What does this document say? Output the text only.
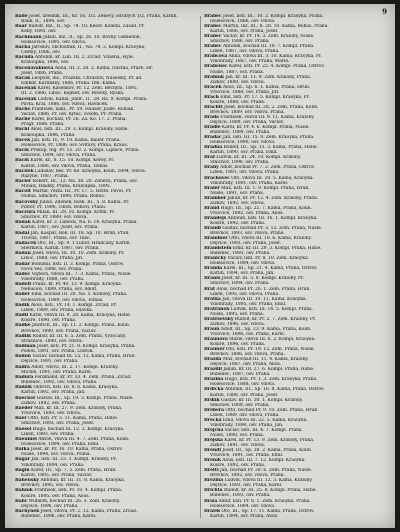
9
Bade Josef, úředník, III., Kr. 16. 1/2. Ženevy, Hrubých 1/2, Praha, Karlín.
Bank, II., 1894, osv.
Baar Rudolf, Inž., II., Sp. 79. 10. Kessv. Koleda, Zásad. Pr.
Kelly, 1895, osv.
Bachmann Jakub, inž., II., Sp. 26. 10. Rovny. Gemedon.
Holešovice, 1895, osv. vdova.
Backa Jaroslav, obchodník, II., Na. 79. 2. Kompl. Kraoyka,
Cestky, 1886, osv.
Bacuda Antonín, kr. Lub. III. 2. Zrcad. Vnzena, Hyle.
Kraloupka, 1886, osv.
Bacenavaknová Anna, III. 2. 28. 2. Kama, Duštná, Praze, Hr.
Josef, 1886, Praha.
Bacak Leopold, inž., Pražská. Chrastov, Nuselsky, Pr. ad.
Emhdr, Karlínský, 1886, Praha. Dm. Kama.
Bacenak Karel, Kašenkov, Pr. 12. Zem. Bechyni, 1895.
III. 2. 1886, Liboc. Kejmer, osv. Bosvky, Ryška.
Bacenak Ludvík, Kanal, Jindř., II., 28. Ra. 9. Kompl. Praha.
Pavla, Král, 1886, osv. vdova, Havlíček.
Bachs Frantisek, nákl., Pr. 59. Hauser, Jodle. Rohlák.
Václav, 1886, Pr. osv. Kytač, ovšem, Pr. Praha.
Bache Karel, bochad, Pr. 26. Za. Ko. 17. 2. Praha.
Pragr, 1886. Praha.
Bachl Alois, listi. III., 29. 3. Kompl. Kraloby, Hatie.
Kraloupka, 1886, Praha.
Bacek Jan, listi. IV., 9. 10. Kama, Bauer, Praha.
Holešovice, Pr. 1886, osv. Svitavy, Praha, Kraus.
Bacik Prokop, Ing. Pr. 15. 20. 2. Kompl. Lipnice, Praha.
Smíchov, 1894, osv. vdova, Praha.
Bacik Karel, kr., 8. 15. 10. Kompl. Kerey, Pr.
Karlín, 1886, osv. vdova, Praha, Tomáš.
Bacilek Ladislav, bez. Pr. 68. Kraoyka, Kolín, 1894, vdova.
Ruzyně, 1887, Praha.
Bacler Robert, III., 12. Na. 38. 20. Ženeva, Praha, osv.
Mihaly, Hladký, Praha, Kraloupka, 1895.
Bacolt Martin, vězni. III., Pr. 17. 5. Hřšte. Pavel, Pr.
Nomia. Smíchov, 1890, Praha. Bohuš.
Bacovsky Julius, Zdeněk, bosk. III., 5. 8. Kama. Pr.
Pinter, Pr. 1896, Tíhoh, Bohovi, Ptanu.
Baczura Milan, III. 29. 10. Kompl. Krhm, Pr.
Smíchov, Pr. 1889, osv. vdova.
Badak Karel, kr. 3. Lubeck, Na. 6. 14. Kraoyka, Praha.
Karlín, 1887, osv. Josef, osv. Prahá.
Badal Jan, Kaspar, Bok. III. 18. Sp. 10. Hrub. Prah.
Trovna, 1887, Praha, osv. Tkáč.
Badacek Oto, III., Sp. 9. 1 Lubor, Hradčany, Karlín.
Sbernava, Karlin. 1887, osv. Praha.
Badan Josef, vdova, III. 30. 10. Zem. Kraloby, Pr.
Liboc, 1888, osv. Praha, Jiří.
Badar Bohumil, listi. II. 3. Kompl. Praha, Ostrov.
Nová Ves, 1888, osv. Praha.
Badec Vojtěch, vdova III., 7. 3. Kama, Praha, Nusle.
Vinohrady, 1888, osv. Prahá.
Badelt Franz, kr. Pr. 40. 13. 9. Kompl. Kraoyka.
Nebušice, 1889, Praha, osv. Adolf.
Bader Emil, bochad III. 20. Na. 5. Kraloby, Praha.
Holešovice, 1889, osv. vdova, Tomáš.
Badik Alois, listi., Pr. 14. 1. Kompl. Zrcad. Pr.
Libeň, 1889, osv. Praha, Hlávka.
Badil Karel, vdova III. 9. 28. Kama, Kraoyka, Hatie.
Košíře, 1890, osv. Praha.
Badke Jindřich, III., Sp. 11. 2. Kompl. Praha, Kolin.
Břevnov, 1890, osv. Praha, Václav.
Badlik Rudolf, kr. III. 6. 5. Zem. Praha, Vysočany.
Strašnice, 1890, osv. vdova.
Badman Josef, listi. Pr. 21. 8. Kompl. Kraoyka, Praha.
Podolí, 1891, osv. Praha, Ludvík.
Badoň Václav, bochad III. 15. 12. Kama, Praha, Hrub.
Dejvice, 1891, osv. Praha.
Badra Adolf, vdova, III. 2. 17. Kompl. Kraloby.
Michle, 1891, osv. Praha, Karel.
Badura Ferdinand, kr. Pr. 33. 4. Zem. Praha, Zrcad.
Bubeneč, 1892, osv. vdova, Praha.
Badzik Oldřich, listi. III. 8. 6. Kama, Kraoyka.
Karlín, 1892, osv. Praha, Jan.
Baecker Gustav, III., Sp. 19. 3. Kompl. Praha, Nusle.
Žižkov, 1892, osv. Praha.
Baeder Max, kr. III. 27. 9. Zem. Kraloby, Praha.
Vršovice, 1893, osv. vdova.
Baer Otto, listi. Pr. 5. 11. Kama, Praha, Hatie.
Smíchov, 1893, osv. Praha, Josef.
Baesel Hugo, bochad III. 12. 2. Kompl. Kraoyka.
Libeň, 1893, osv. Praha.
Baeumel Anton, vdova III. 4. 7. Zem. Praha, Kolín.
Holešovice, 1894, osv. Praha, Emil.
Bafka Josef, kr. Pr. 16. 10. Kama, Praha, Ostrov.
Nusle, 1894, osv. vdova, Praha.
Bagar Jan, listi. III. 23. 1. Kompl. Kraloby, Pr.
Vinohrady, 1894, osv. Praha.
Bagin Karel, III., Sp. 7. 5. Zem. Praha, Hrub.
Karlín, 1895, osv. Praha, Václav.
Bahenský Antonín, kr. III. 31. 8. Kama, Kraoyka.
Břevnov, 1895, osv. vdova.
Bahník František, listi. Pr. 10. 4. Kompl. Praha.
Košíře, 1895, osv. Praha, Alois.
Bahr Wilhelm, bochad III. 26. 3. Zem. Kraloby.
Dejvice, 1896, osv. Praha.
Bachynek Josef, vdova, Pr. 2. 12. Kama, Praha, Zrcad.
Bubeneč, 1896, osv. Praha, Karel.
Brabec Josef, listi. III., 10. 2. Kompl. Kraoyka, Praha.
Holešovice, 1886, osv. vdova.
Brabec Martin, inž. III., 8. 28. 10. Kama, Bohuš, Praha.
Karlín, 1886, osv. Praha, Josef.
Brabec Václav, kr. Pr. 14. 3. Zem. Kraloby, Nusle.
Smíchov, 1886, osv. Praha.
Brabec Antonín, bochad III. 19. 7. Kompl. Praha.
Libeň, 1887, osv. vdova, Praha.
Brabcová Anna, vdova III. 3. 10. Kama, Kraoyka, Pr.
Vinohrady, 1887, osv. Praha, Marie.
Brabenec Karel, listi. Pr. 22. 4. Kompl. Praha, Ostrov.
Nusle, 1887, osv. Praha.
Brábník Jan, kr. III. 11. 9. Zem. Kraloby, Praha.
Žižkov, 1888, osv. vdova.
Bracek Alois, III., Sp. 6. 1. Kama, Praha, Hrub.
Vršovice, 1888, osv. Praha, Jiří.
Brach Emil, listi. Pr. 17. 5. Kompl. Kraoyka, Pr.
Košíře, 1888, osv. Praha.
Brachtl Josef, bochad III. 28. 2. Zem. Praha, Kolín.
Břevnov, 1889, osv. vdova, Praha.
Brada František, vdova III. 9. 11. Kama, Kraloby.
Dejvice, 1889, osv. Praha, Václav.
Brádle Karel, kr. Pr. 4. 6. Kompl. Praha, Nusle.
Bubeneč, 1889, osv. Praha.
Bradáč Jan, listi. III. 15. 8. Zem. Kraoyka, Praha.
Holešovice, 1890, osv. vdova.
Bradna Rudolf, III., Sp. 13. 3. Kama, Praha, Hatie.
Karlín, 1890, osv. Praha, Emil.
Bráf Ludvík, kr. III. 24. 10. Kompl. Kraloby.
Smíchov, 1890, osv. Praha.
Brahy Adolf, bochad Pr. 7. 2. Zem. Praha, Ostrov.
Libeň, 1891, osv. vdova, Praha.
Brachovec Oto, vdova III. 20. 5. Kama, Kraoyka.
Vinohrady, 1891, osv. Praha, Karel.
Braier Max, listi. III. 1. 9. Kompl. Praha, Hrub.
Nusle, 1891, osv. Praha.
Brambor Jakub, kr. Pr. 12. 4. Zem. Kraloby, Praha.
Žižkov, 1892, osv. vdova.
Brand Hugo, III., Sp. 25. 7. Kama, Praha, Kolín.
Vršovice, 1892, osv. Praha, Alois.
Brandejs Antonín, listi. III. 16. 1. Kompl. Kraoyka.
Košíře, 1892, osv. Praha.
Brandl Gustav, bochad Pr. 3. 12. Zem. Praha, Nusle.
Břevnov, 1893, osv. vdova, Praha.
Brandner Otto, vdova III. 18. 6. Kama, Kraloby.
Dejvice, 1893, osv. Praha, Josef.
Brandstein Emil, kr. III. 29. 3. Kompl. Praha, Hatie.
Bubeneč, 1893, osv. Praha.
Branický Václav, listi. Pr. 8. 10. Zem. Kraoyka.
Holešovice, 1894, osv. vdova.
Branda Karel, III., Sp. 21. 4. Kama, Praha, Ostrov.
Karlín, 1894, osv. Praha, Jan.
Braniš Josef, kr. III. 5. 8. Kompl. Kraloby, Pr.
Smíchov, 1894, osv. Praha.
Brát Alois, bochad Pr. 26. 1. Zem. Praha, Hrub.
Libeň, 1895, osv. vdova, Praha.
Bratka Jan, vdova III. 10. 11. Kama, Kraoyka.
Vinohrady, 1895, osv. Praha, Emil.
Bratránek Ludvík, listi. III. 14. 5. Kompl. Praha.
Nusle, 1895, osv. Praha.
Bratršovský Rudolf, kr. Pr. 2. 7. Zem. Kraloby, Pr.
Žižkov, 1896, osv. vdova.
Braun Adolf, III., Sp. 23. 9. Kama, Praha, Kolín.
Vršovice, 1896, osv. Praha, Karel.
Braunová Marie, vdova III. 6. 2. Kompl. Kraoyka.
Košíře, 1896, osv. Praha.
Brauner Oto, listi. Pr. 19. 12. Zem. Praha, Nusle.
Břevnov, 1886, osv. vdova, Praha.
Brázda Max, bochad III. 11. 4. Kama, Kraloby.
Dejvice, 1887, osv. Praha, Alois.
Brázdil Jakub, kr. III. 27. 6. Kompl. Praha, Hatie.
Bubeneč, 1887, osv. Praha.
Bražina Hugo, listi. Pr. 1. 3. Zem. Kraoyka, Praha.
Holešovice, 1888, osv. vdova.
Brdička Antonín, III., Sp. 16. 8. Kama, Praha, Ostrov.
Karlín, 1888, osv. Praha, Josef.
Brdlík Gustav, kr. III. 30. 1. Kompl. Kraloby.
Smíchov, 1889, osv. Praha.
Brebera Otto, bochad Pr. 9. 10. Zem. Praha, Hrub.
Libeň, 1889, osv. vdova, Praha.
Brečka Emil, vdova III. 22. 5. Kama, Kraoyka.
Vinohrady, 1890, osv. Praha, Jan.
Brejcha Václav, listi. III. 4. 7. Kompl. Praha.
Nusle, 1890, osv. Praha.
Brejška Karel, kr. Pr. 13. 9. Zem. Kraloby, Praha.
Žižkov, 1891, osv. vdova.
Brendl Josef, III., Sp. 28. 2. Kama, Praha, Kolín.
Vršovice, 1891, osv. Praha, Emil.
Breník Alois, listi. III. 7. 12. Kompl. Kraoyka.
Košíře, 1892, osv. Praha.
Brettl Jan, bochad Pr. 20. 6. Zem. Praha, Nusle.
Břevnov, 1892, osv. vdova, Praha.
Brezina Ludvík, vdova III. 12. 3. Kama, Kraloby.
Dejvice, 1893, osv. Praha, Karel.
Brichta Rudolf, kr. III. 25. 8. Kompl. Praha, Hatie.
Bubeneč, 1893, osv. Praha.
Bříza Adolf, listi. Pr. 6. 1. Zem. Kraoyka, Praha.
Holešovice, 1894, osv. vdova.
Břízek Oto, III., Sp. 17. 11. Kama, Praha, Ostrov.
Karlín, 1894, osv. Praha, Alois.
